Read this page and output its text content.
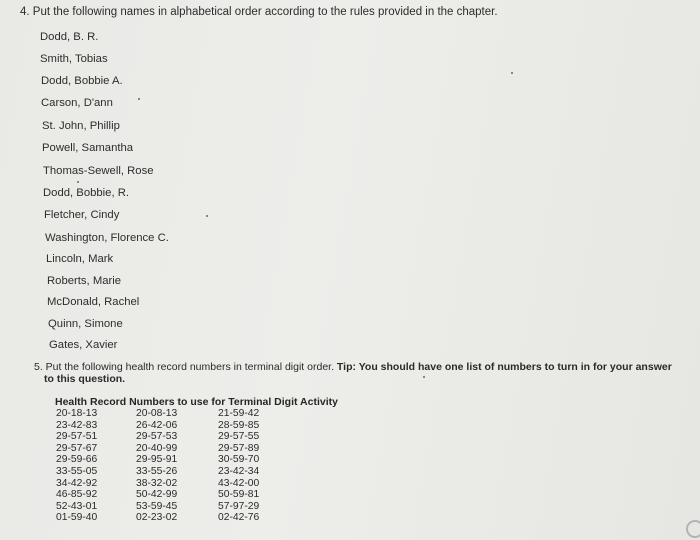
4. Put the following names in alphabetical order according to the rules provided in the chapter.
Dodd, B. R.
Smith, Tobias
Dodd, Bobbie A.
Carson, D'ann
St. John, Phillip
Powell, Samantha
Thomas-Sewell, Rose
Dodd, Bobbie, R.
Fletcher, Cindy
Washington, Florence C.
Lincoln, Mark
Roberts, Marie
McDonald, Rachel
Quinn, Simone
Gates, Xavier
5. Put the following health record numbers in terminal digit order. Tip: You should have one list of numbers to turn in for your answer
to this question.
Health Record Numbers to use for Terminal Digit Activity
20-18-13
23-42-83
29-57-51
29-57-67
29-59-66
33-55-05
34-42-92
46-85-92
52-43-01
01-59-40
20-08-13
26-42-06
29-57-53
20-40-99
29-95-91
33-55-26
38-32-02
50-42-99
53-59-45
02-23-02
21-59-42
28-59-85
29-57-55
29-57-89
30-59-70
23-42-34
43-42-00
50-59-81
57-97-29
02-42-76
